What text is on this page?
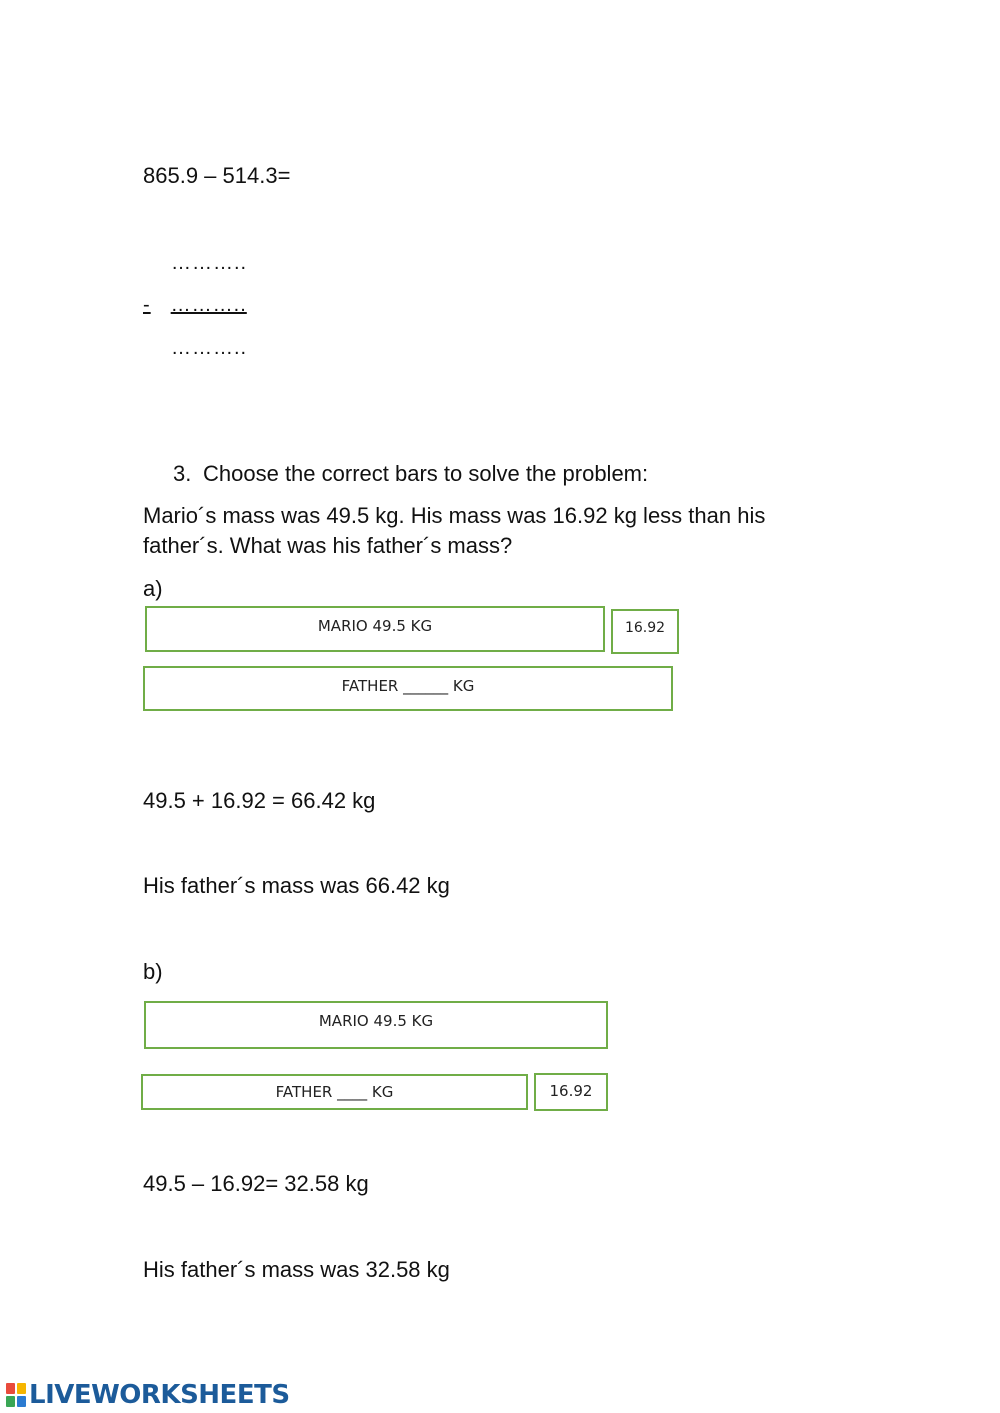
865.9 – 514.3=
………..
- ………..
………..
3. Choose the correct bars to solve the problem:
Mario´s mass was 49.5 kg. His mass was 16.92 kg less than his
father´s. What was his father´s mass?
a)
MARIO 49.5 KG	16.92
FATHER ______ KG
49.5 + 16.92 = 66.42 kg
His father´s mass was 66.42 kg
b)
MARIO 49.5 KG
FATHER ____ KG	16.92
49.5 – 16.92= 32.58 kg
His father´s mass was 32.58 kg
LIVEWORKSHEETS
